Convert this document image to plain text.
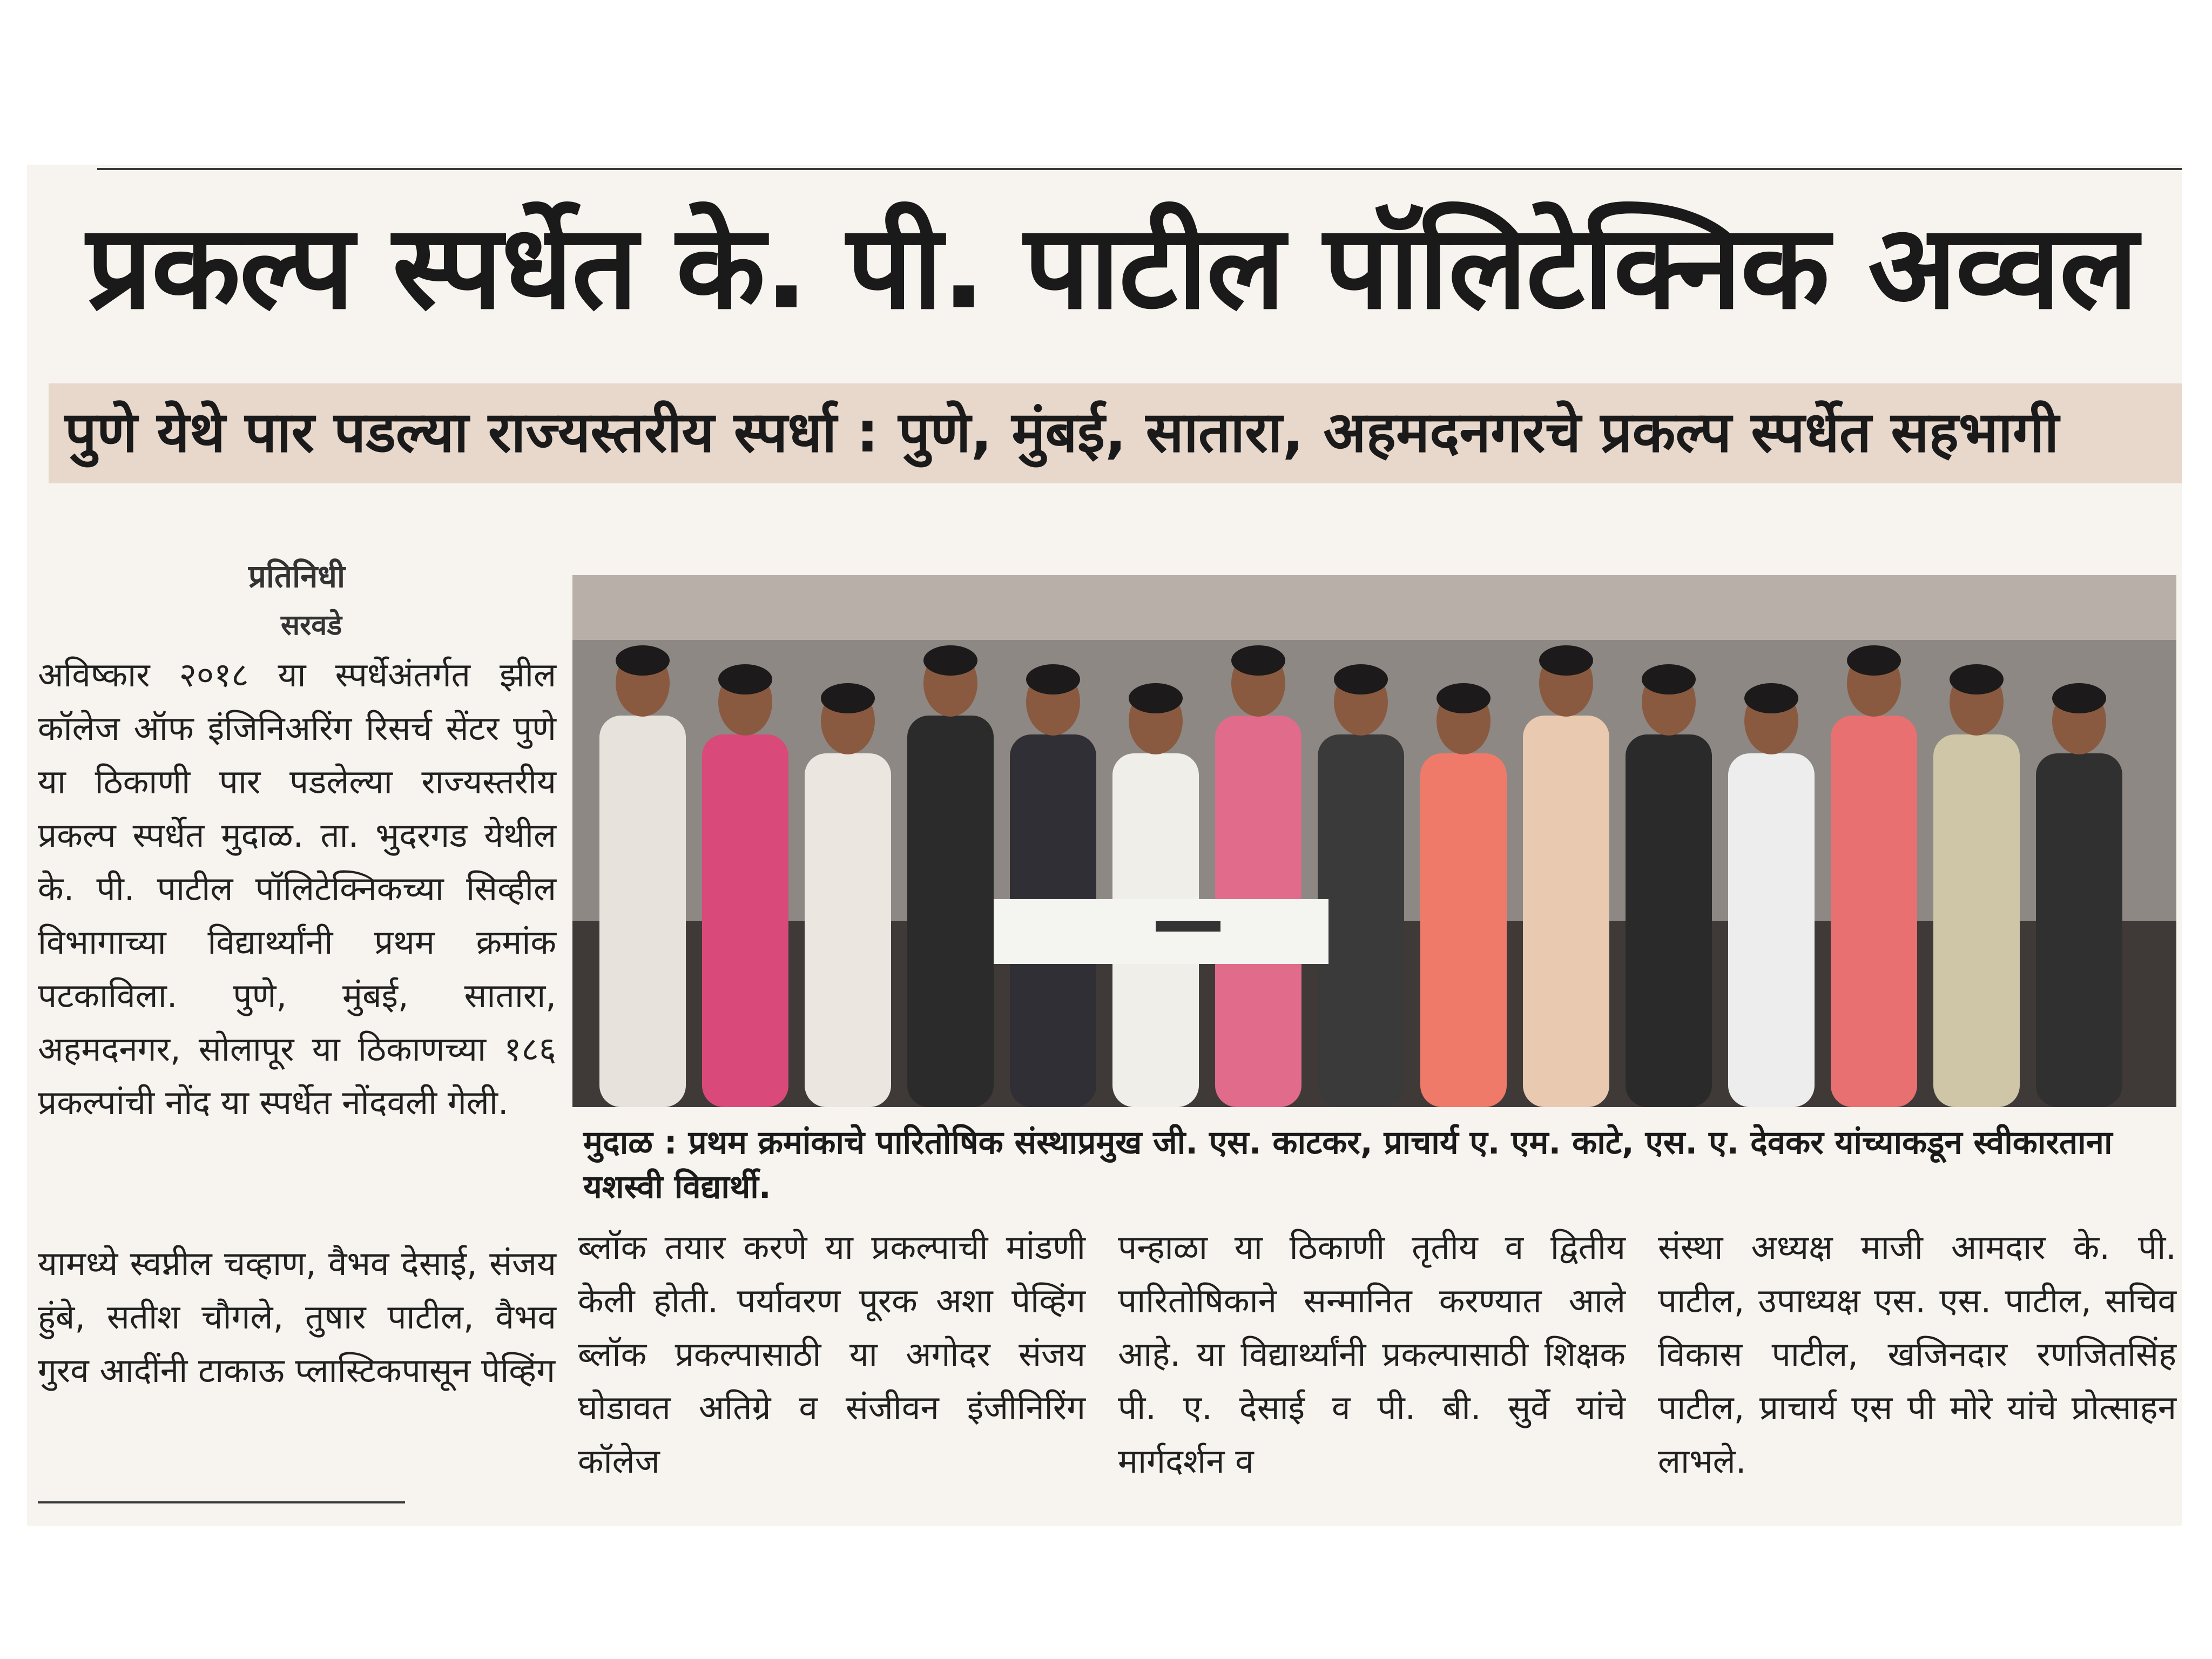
प्रकल्प स्पर्धेत के. पी. पाटील पॉलिटेक्निक अव्वल
पुणे येथे पार पडल्या राज्यस्तरीय स्पर्धा : पुणे, मुंबई, सातारा, अहमदनगरचे प्रकल्प स्पर्धेत सहभागी
प्रतिनिधी
सरवडे
अविष्कार २०१८ या स्पर्धेअंतर्गत झील कॉलेज ऑफ इंजिनिअरिंग रिसर्च सेंटर पुणे या ठिकाणी पार पडलेल्या राज्यस्तरीय प्रकल्प स्पर्धेत मुदाळ. ता. भुदरगड येथील के. पी. पाटील पॉलिटेक्निकच्या सिव्हील विभागाच्या विद्यार्थ्यांनी प्रथम क्रमांक पटकाविला. पुणे, मुंबई, सातारा, अहमदनगर, सोलापूर या ठिकाणच्या १८६ प्रकल्पांची नोंद या स्पर्धेत नोंदवली गेली.
यामध्ये स्वप्नील चव्हाण, वैभव देसाई, संजय हुंबे, सतीश चौगले, तुषार पाटील, वैभव गुरव आदींनी टाकाऊ प्लास्टिकपासून पेव्हिंग
मुदाळ : प्रथम क्रमांकाचे पारितोषिक संस्थाप्रमुख जी. एस. काटकर, प्राचार्य ए. एम. काटे, एस. ए. देवकर यांच्याकडून स्वीकारताना यशस्वी विद्यार्थी.
ब्लॉक तयार करणे या प्रकल्पाची मांडणी केली होती. पर्यावरण पूरक अशा पेव्हिंग ब्लॉक प्रकल्पासाठी या अगोदर संजय घोडावत अतिग्रे व संजीवन इंजीनिरिंग कॉलेज
पन्हाळा या ठिकाणी तृतीय व द्वितीय पारितोषिकाने सन्मानित करण्यात आले आहे. या विद्यार्थ्यांनी प्रकल्पासाठी शिक्षक पी. ए. देसाई व पी. बी. सुर्वे यांचे मार्गदर्शन व
संस्था अध्यक्ष माजी आमदार के. पी. पाटील, उपाध्यक्ष एस. एस. पाटील, सचिव विकास पाटील, खजिनदार रणजितसिंह पाटील, प्राचार्य एस पी मोरे यांचे प्रोत्साहन लाभले.
